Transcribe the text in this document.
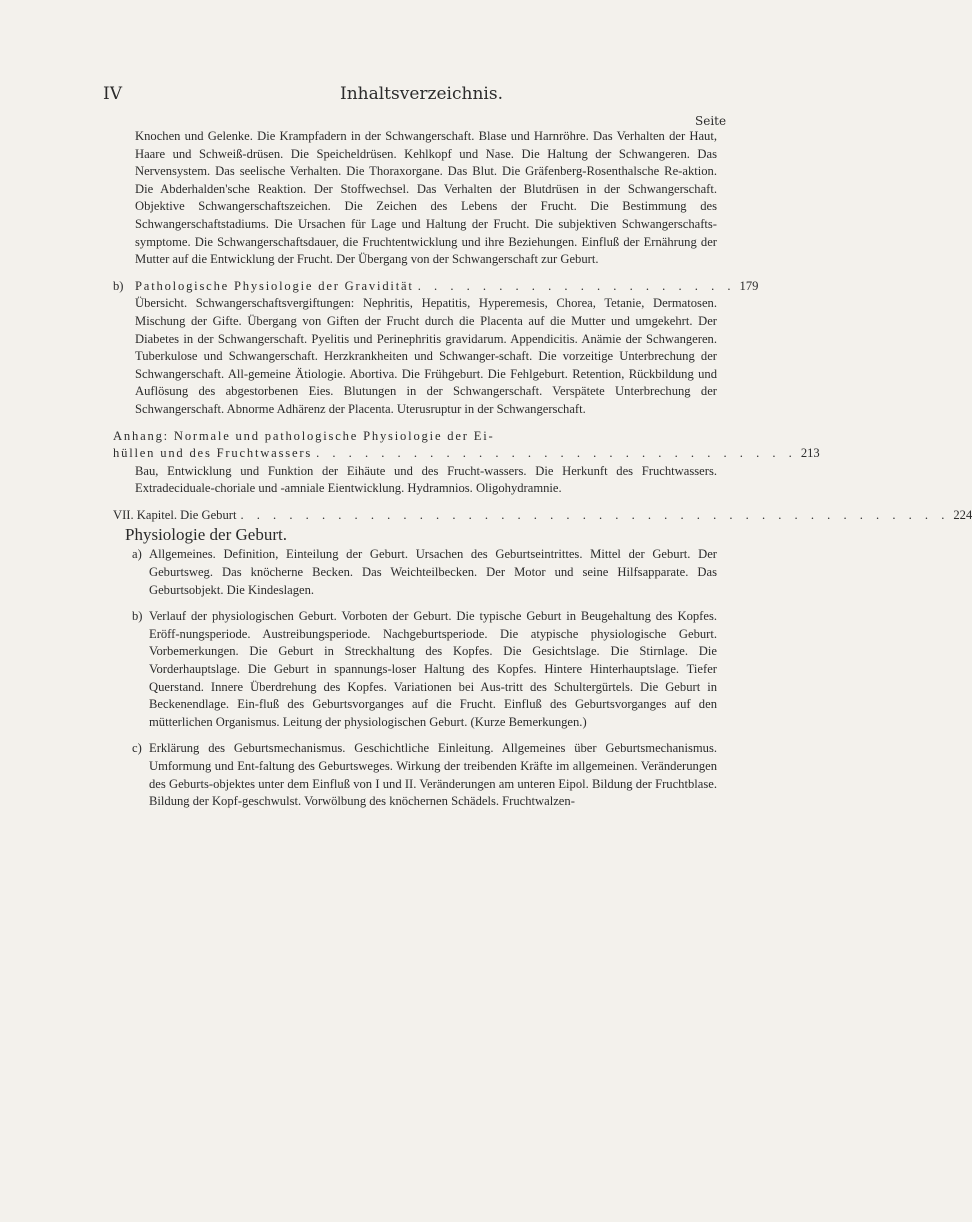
IV	Inhaltsverzeichnis.
Seite

Knochen und Gelenke. Die Krampfadern in der Schwangerschaft. Blase und Harnröhre. Das Verhalten der Haut, Haare und Schweiß-drüsen. Die Speicheldrüsen. Kehlkopf und Nase. Die Haltung der Schwangeren. Das Nervensystem. Das seelische Verhalten. Die Thoraxorgane. Das Blut. Die Gräfenberg-Rosenthalsche Re-aktion. Die Abderhalden'sche Reaktion. Der Stoffwechsel. Das Verhalten der Blutdrüsen in der Schwangerschaft. Objektive Schwangerschaftszeichen. Die Zeichen des Lebens der Frucht. Die Bestimmung des Schwangerschaftstadiums. Die Ursachen für Lage und Haltung der Frucht. Die subjektiven Schwangerschafts-symptome. Die Schwangerschaftsdauer, die Fruchtentwicklung und ihre Beziehungen. Einfluß der Ernährung der Mutter auf die Entwicklung der Frucht. Der Übergang von der Schwangerschaft zur Geburt.

b) Pathologische Physiologie der Gravidität . . . . . . . . . . . . . . . . . . . . 179

Übersicht. Schwangerschaftsvergiftungen: Nephritis, Hepatitis, Hyperemesis, Chorea, Tetanie, Dermatosen. Mischung der Gifte. Übergang von Giften der Frucht durch die Placenta auf die Mutter und umgekehrt. Der Diabetes in der Schwangerschaft. Pyelitis und Perinephritis gravidarum. Appendicitis. Anämie der Schwangeren. Tuberkulose und Schwangerschaft. Herzkrankheiten und Schwanger-schaft. Die vorzeitige Unterbrechung der Schwangerschaft. All-gemeine Ätiologie. Abortiva. Die Frühgeburt. Die Fehlgeburt. Retention, Rückbildung und Auflösung des abgestorbenen Eies. Blutungen in der Schwangerschaft. Verspätete Unterbrechung der Schwangerschaft. Abnorme Adhärenz der Placenta. Uterusruptur in der Schwangerschaft.

Anhang: Normale und pathologische Physiologie der Ei-
hüllen und des Fruchtwassers . . . . . . . . . . . . . . . . . . . . . . . . . . . . . . 213

Bau, Entwicklung und Funktion der Eihäute und des Frucht-wassers. Die Herkunft des Fruchtwassers. Extradeciduale-choriale und -amniale Eientwicklung. Hydramnios. Oligohydramnie.

VII. Kapitel. Die Geburt . . . . . . . . . . . . . . . . . . . . . . . . . . . . . . . . . . . . . . . . . . . . 224
Physiologie der Geburt.
a) Allgemeines. Definition, Einteilung der Geburt. Ursachen des Geburtseintrittes. Mittel der Geburt. Der Geburtsweg. Das knöcherne Becken. Das Weichteilbecken. Der Motor und seine Hilfsapparate. Das Geburtsobjekt. Die Kindeslagen.

b) Verlauf der physiologischen Geburt. Vorboten der Geburt. Die typische Geburt in Beugehaltung des Kopfes. Eröff-nungsperiode. Austreibungsperiode. Nachgeburtsperiode. Die atypische physiologische Geburt. Vorbemerkungen. Die Geburt in Streckhaltung des Kopfes. Die Gesichtslage. Die Stirnlage. Die Vorderhauptslage. Die Geburt in spannungs-loser Haltung des Kopfes. Hintere Hinterhauptslage. Tiefer Querstand. Innere Überdrehung des Kopfes. Variationen bei Aus-tritt des Schultergürtels. Die Geburt in Beckenendlage. Ein-fluß des Geburtsvorganges auf die Frucht. Einfluß des Geburtsvorganges auf den mütterlichen Organismus. Leitung der physiologischen Geburt. (Kurze Bemerkungen.)

c) Erklärung des Geburtsmechanismus. Geschichtliche Einleitung. Allgemeines über Geburtsmechanismus. Umformung und Ent-faltung des Geburtsweges. Wirkung der treibenden Kräfte im allgemeinen. Veränderungen des Geburts-objektes unter dem Einfluß von I und II. Veränderungen am unteren Eipol. Bildung der Fruchtblase. Bildung der Kopf-geschwulst. Vorwölbung des knöchernen Schädels. Fruchtwalzen-
